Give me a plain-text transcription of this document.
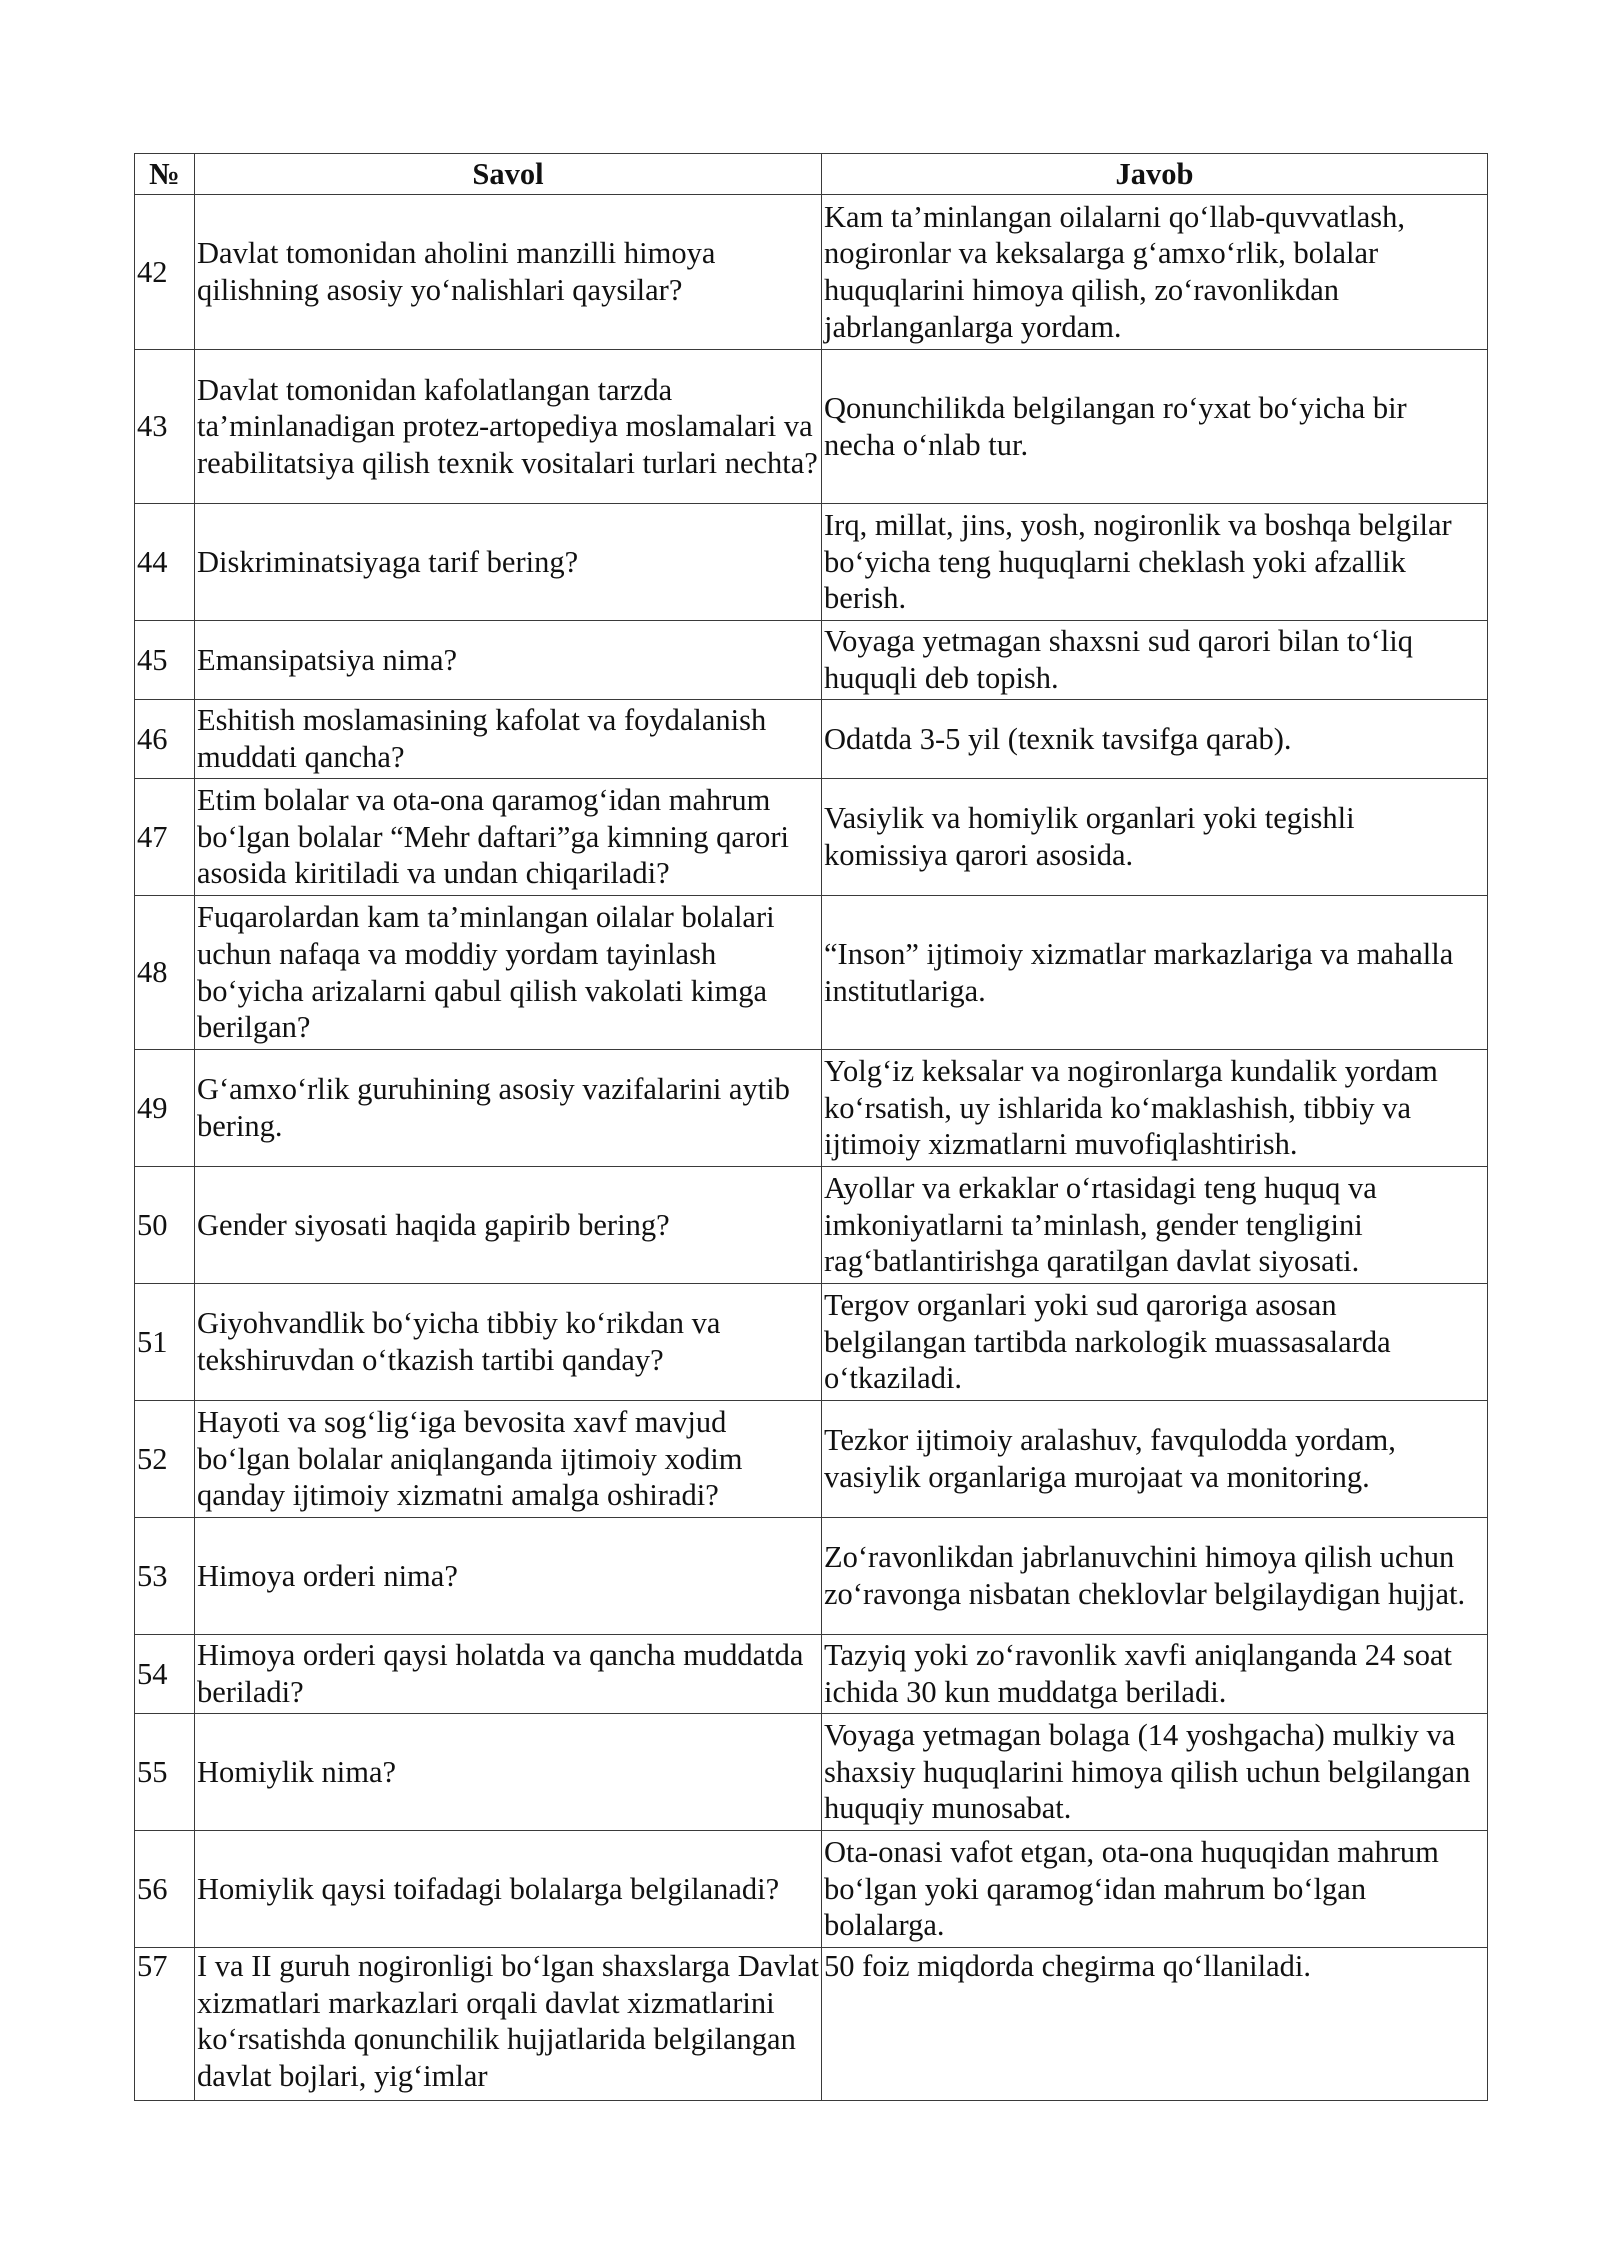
№	Savol	Javob
42	Davlat tomonidan aholini manzilli himoya qilishning asosiy yo‘nalishlari qaysilar?	Kam ta’minlangan oilalarni qo‘llab-quvvatlash, nogironlar va keksalarga g‘amxo‘rlik, bolalar huquqlarini himoya qilish, zo‘ravonlikdan jabrlanganlarga yordam.
43	Davlat tomonidan kafolatlangan tarzda ta’minlanadigan protez-artopediya moslamalari va reabilitatsiya qilish texnik vositalari turlari nechta?	Qonunchilikda belgilangan ro‘yxat bo‘yicha bir necha o‘nlab tur.
44	Diskriminatsiyaga tarif bering?	Irq, millat, jins, yosh, nogironlik va boshqa belgilar bo‘yicha teng huquqlarni cheklash yoki afzallik berish.
45	Emansipatsiya nima?	Voyaga yetmagan shaxsni sud qarori bilan to‘liq huquqli deb topish.
46	Eshitish moslamasining kafolat va foydalanish muddati qancha?	Odatda 3-5 yil (texnik tavsifga qarab).
47	Etim bolalar va ota-ona qaramog‘idan mahrum bo‘lgan bolalar “Mehr daftari”ga kimning qarori asosida kiritiladi va undan chiqariladi?	Vasiylik va homiylik organlari yoki tegishli komissiya qarori asosida.
48	Fuqarolardan kam ta’minlangan oilalar bolalari uchun nafaqa va moddiy yordam tayinlash bo‘yicha arizalarni qabul qilish vakolati kimga berilgan?	“Inson” ijtimoiy xizmatlar markazlariga va mahalla institutlariga.
49	G‘amxo‘rlik guruhining asosiy vazifalarini aytib bering.	Yolg‘iz keksalar va nogironlarga kundalik yordam ko‘rsatish, uy ishlarida ko‘maklashish, tibbiy va ijtimoiy xizmatlarni muvofiqlashtirish.
50	Gender siyosati haqida gapirib bering?	Ayollar va erkaklar o‘rtasidagi teng huquq va imkoniyatlarni ta’minlash, gender tengligini rag‘batlantirishga qaratilgan davlat siyosati.
51	Giyohvandlik bo‘yicha tibbiy ko‘rikdan va tekshiruvdan o‘tkazish tartibi qanday?	Tergov organlari yoki sud qaroriga asosan belgilangan tartibda narkologik muassasalarda o‘tkaziladi.
52	Hayoti va sog‘lig‘iga bevosita xavf mavjud bo‘lgan bolalar aniqlanganda ijtimoiy xodim qanday ijtimoiy xizmatni amalga oshiradi?	Tezkor ijtimoiy aralashuv, favqulodda yordam, vasiylik organlariga murojaat va monitoring.
53	Himoya orderi nima?	Zo‘ravonlikdan jabrlanuvchini himoya qilish uchun zo‘ravonga nisbatan cheklovlar belgilaydigan hujjat.
54	Himoya orderi qaysi holatda va qancha muddatda beriladi?	Tazyiq yoki zo‘ravonlik xavfi aniqlanganda 24 soat ichida 30 kun muddatga beriladi.
55	Homiylik nima?	Voyaga yetmagan bolaga (14 yoshgacha) mulkiy va shaxsiy huquqlarini himoya qilish uchun belgilangan huquqiy munosabat.
56	Homiylik qaysi toifadagi bolalarga belgilanadi?	Ota-onasi vafot etgan, ota-ona huquqidan mahrum bo‘lgan yoki qaramog‘idan mahrum bo‘lgan bolalarga.
57	I va II guruh nogironligi bo‘lgan shaxslarga Davlat xizmatlari markazlari orqali davlat xizmatlarini ko‘rsatishda qonunchilik hujjatlarida belgilangan davlat bojlari, yig‘imlar	50 foiz miqdorda chegirma qo‘llaniladi.
